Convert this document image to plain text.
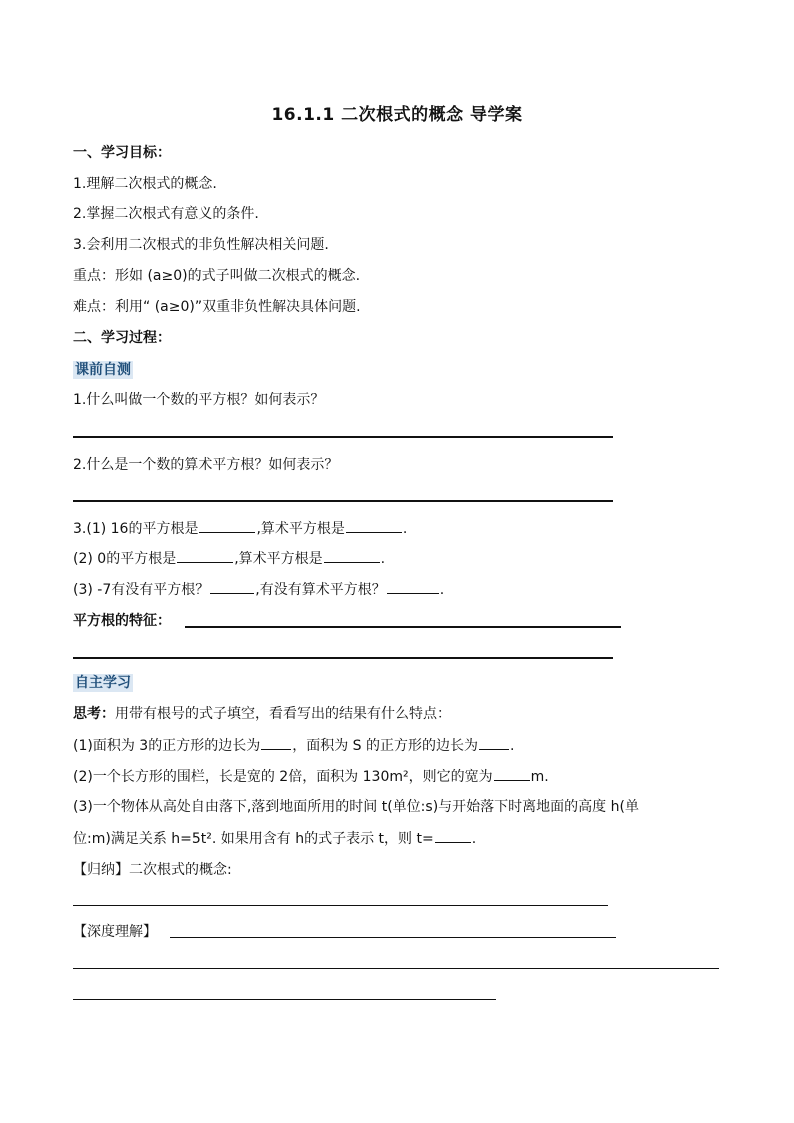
16.1.1 二次根式的概念 导学案
一、学习目标：
1.理解二次根式的概念.
2.掌握二次根式有意义的条件.
3.会利用二次根式的非负性解决相关问题.
重点：形如 (a≥0)的式子叫做二次根式的概念.
难点：利用“ (a≥0)”双重非负性解决具体问题.
二、学习过程：
课前自测
1.什么叫做一个数的平方根？如何表示？
2.什么是一个数的算术平方根？如何表示？
3.(1) 16的平方根是	,算术平方根是	.
(2) 0的平方根是	,算术平方根是	.
(3) -7有没有平方根？	,有没有算术平方根？	.
平方根的特征：
自主学习
思考：用带有根号的式子填空，看看写出的结果有什么特点：
(1)面积为 3的正方形的边长为 ，面积为 S 的正方形的边长为 .
(2)一个长方形的围栏，长是宽的 2倍，面积为 130m²，则它的宽为	m.
(3)一个物体从高处自由落下,落到地面所用的时间 t(单位:s)与开始落下时离地面的高度 h(单
位:m)满足关系 h=5t². 如果用含有 h的式子表示 t，则 t=	.
【归纳】二次根式的概念:
【深度理解】
